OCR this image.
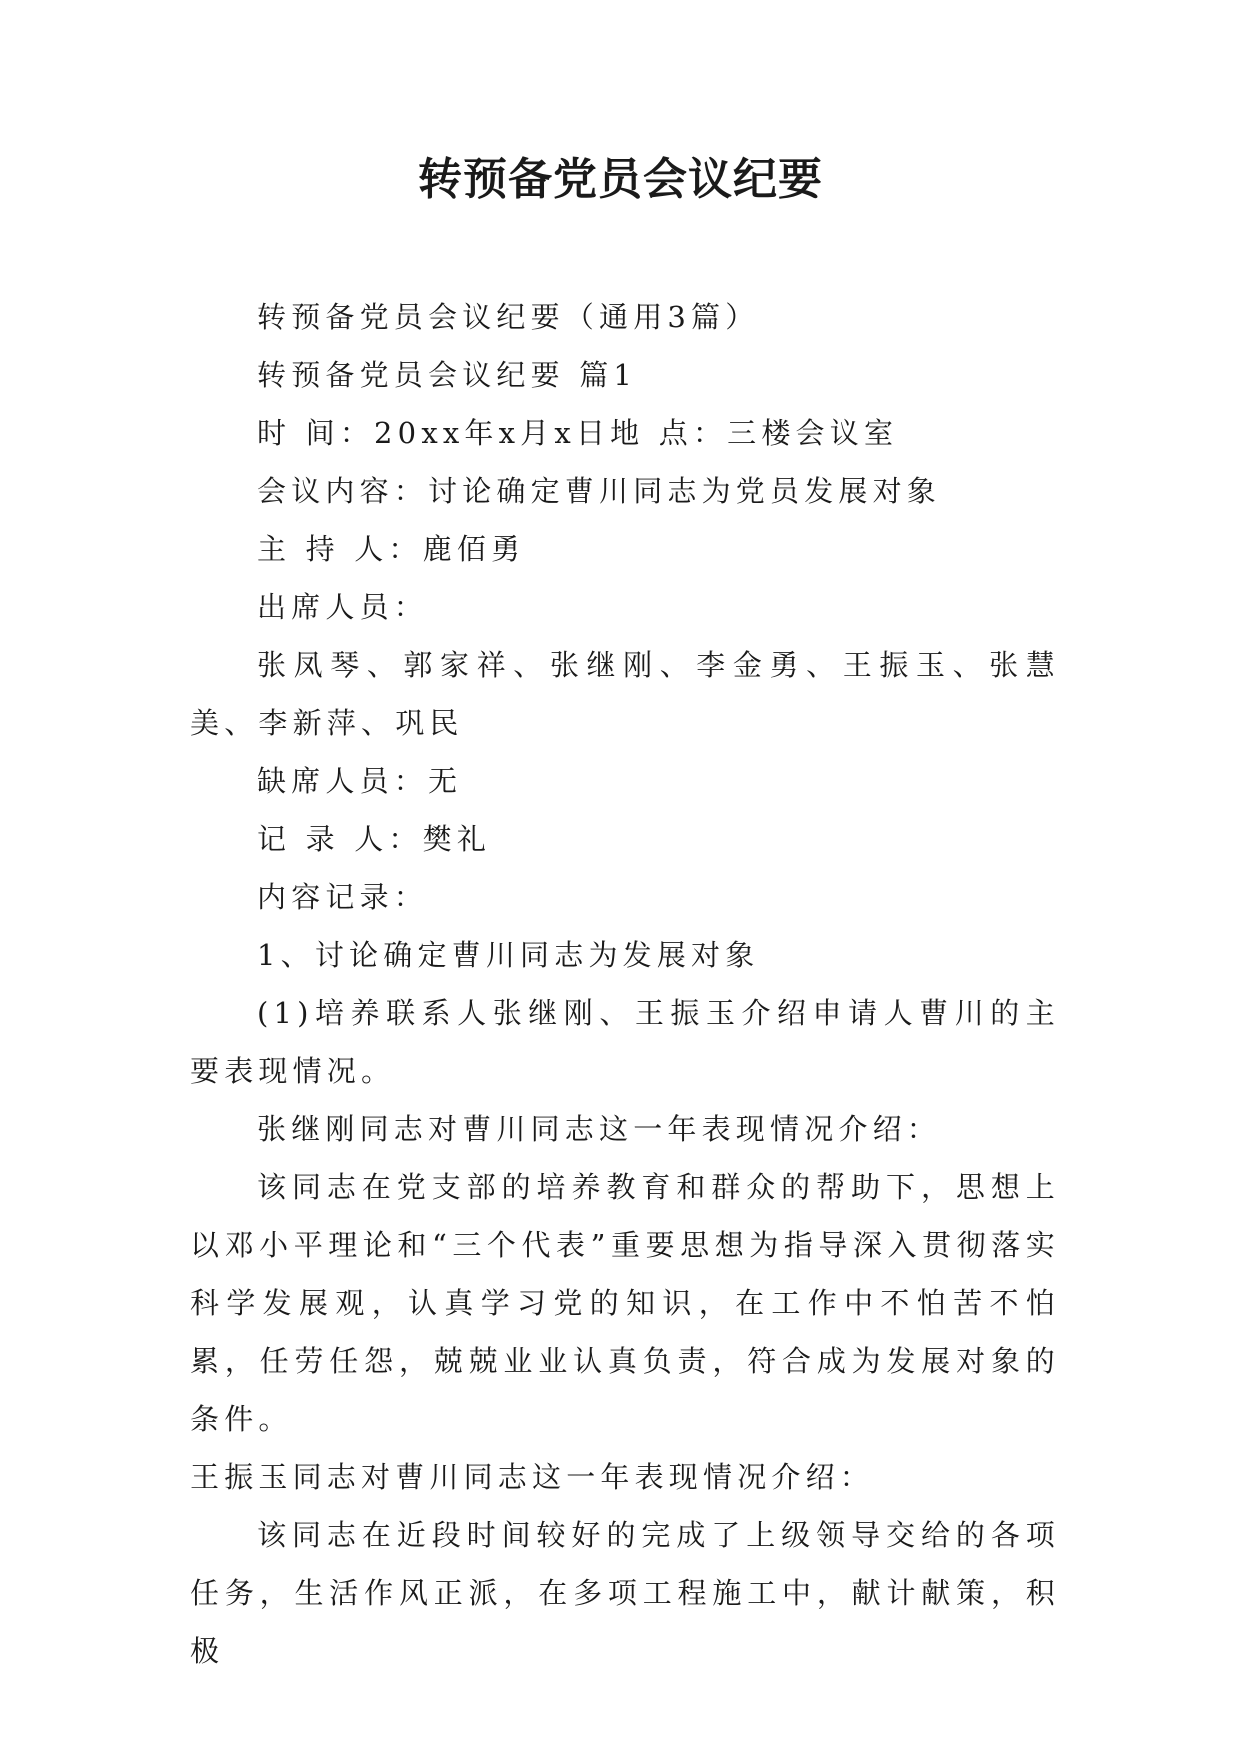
转预备党员会议纪要

转预备党员会议纪要（通用3篇）

转预备党员会议纪要 篇1

时 间：20xx年x月x日地 点：三楼会议室

会议内容：讨论确定曹川同志为党员发展对象

主 持 人：鹿佰勇

出席人员：

张凤琴、郭家祥、张继刚、李金勇、王振玉、张慧美、李新萍、巩民

缺席人员：无

记 录 人：樊礼

内容记录：

1、讨论确定曹川同志为发展对象

(1)培养联系人张继刚、王振玉介绍申请人曹川的主要表现情况。

张继刚同志对曹川同志这一年表现情况介绍：

该同志在党支部的培养教育和群众的帮助下，思想上以邓小平理论和“三个代表”重要思想为指导深入贯彻落实科学发展观，认真学习党的知识，在工作中不怕苦不怕累，任劳任怨，兢兢业业认真负责，符合成为发展对象的条件。

王振玉同志对曹川同志这一年表现情况介绍：

该同志在近段时间较好的完成了上级领导交给的各项任务，生活作风正派，在多项工程施工中，献计献策，积极
